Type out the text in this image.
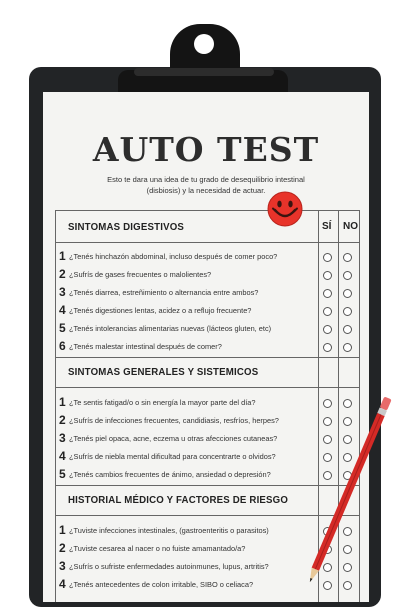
AUTO TEST
Esto te dara una idea de tu grado de desequilibrio intestinal (disbiosis) y la necesidad de actuar.
SINTOMAS DIGESTIVOS	SÍ NO
1 ¿Tenés hinchazón abdominal, incluso después de comer poco?
2 ¿Sufrís de gases frecuentes o malolientes?
3 ¿Tenés diarrea, estreñimiento o alternancia entre ambos?
4 ¿Tenés digestiones lentas, acidez o a reflujo frecuente?
5 ¿Tenés intolerancias alimentarias nuevas (lácteos gluten, etc)
6 ¿Tenés malestar intestinal después de comer?
SINTOMAS GENERALES Y SISTEMICOS
1 ¿Te sentis fatigad/o o sin energía la mayor parte del día?
2 ¿Sufrís de infecciones frecuentes, candidiasis, resfríos, herpes?
3 ¿Tenés piel opaca, acne, eczema u otras afecciones cutaneas?
4 ¿Sufrís de niebla mental dificultad para concentrarte o olvidos?
5 ¿Tenés cambios frecuentes de ánimo, ansiedad o depresión?
HISTORIAL MÉDICO Y FACTORES DE RIESGO
1 ¿Tuviste infecciones intestinales, (gastroenteritis o parasitos)
2 ¿Tuviste cesarea al nacer o no fuiste amamantado/a?
3 ¿Sufrís o sufriste enfermedades autoinmunes, lupus, artritis?
4 ¿Tenés antecedentes de colon irritable, SIBO o celiaca?
